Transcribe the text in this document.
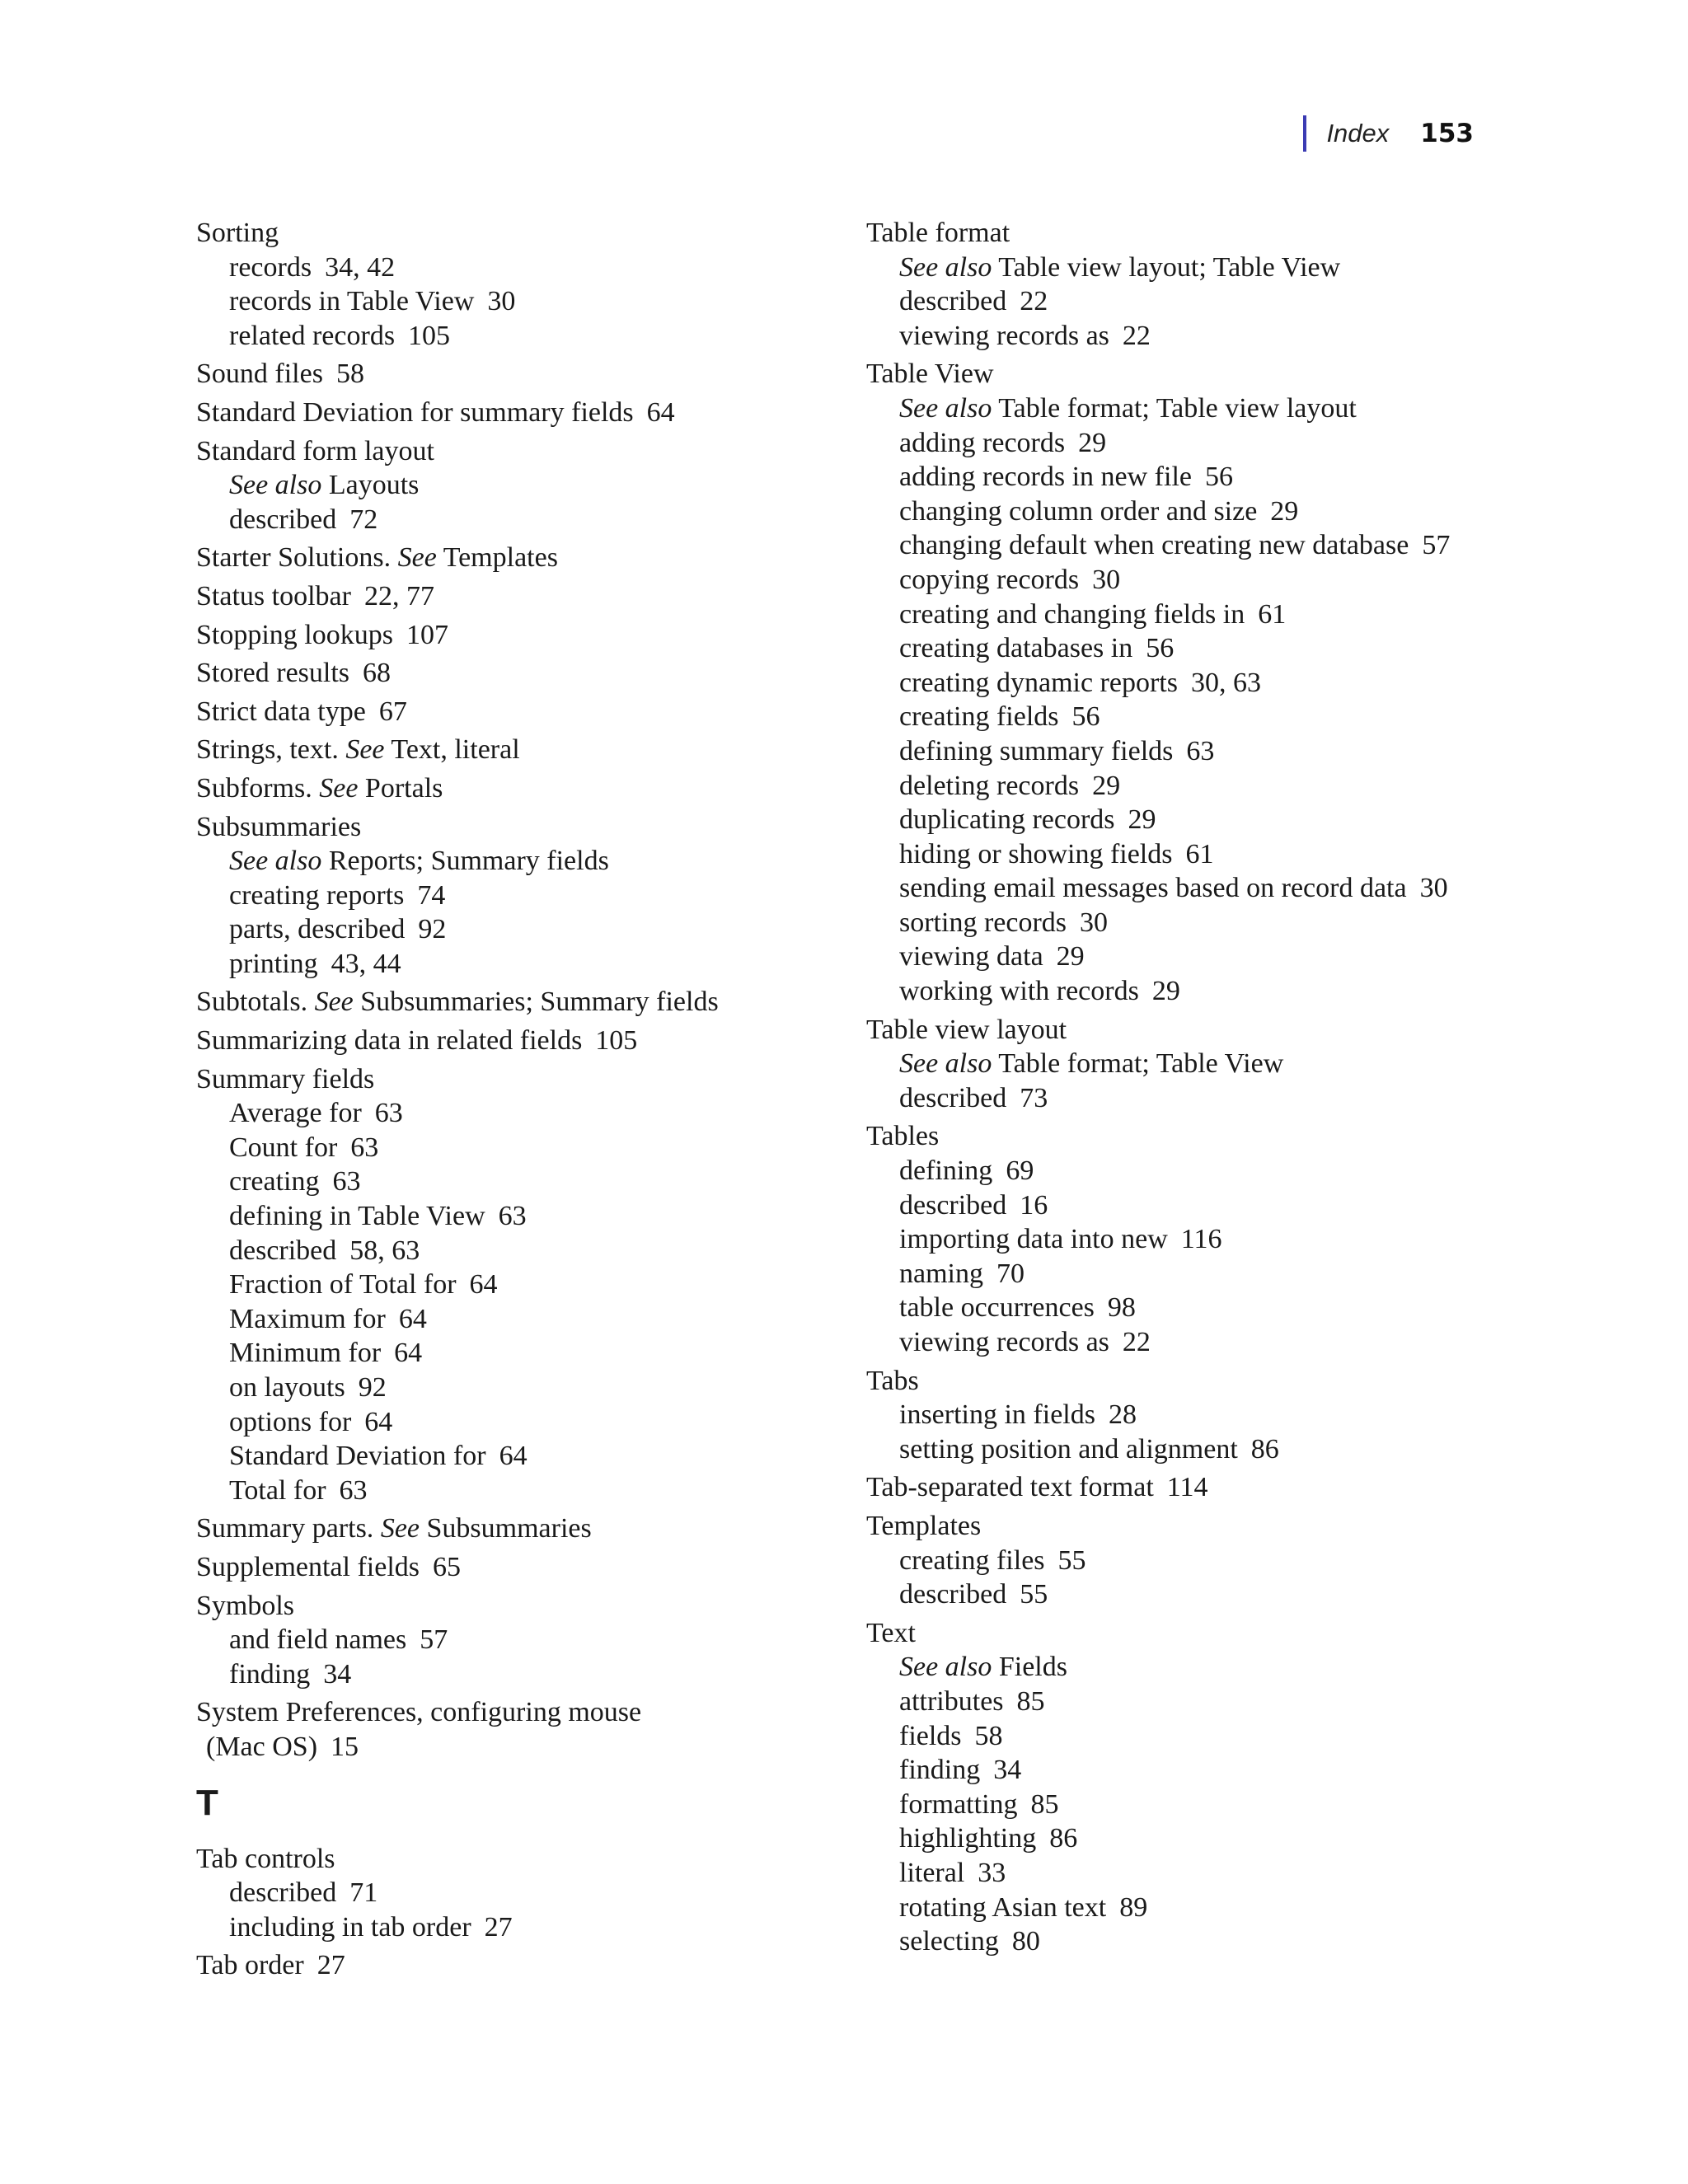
Index 153
Sorting
records 34, 42
records in Table View 30
related records 105
Sound files 58
Standard Deviation for summary fields 64
Standard form layout
See also Layouts
described 72
Starter Solutions. See Templates
Status toolbar 22, 77
Stopping lookups 107
Stored results 68
Strict data type 67
Strings, text. See Text, literal
Subforms. See Portals
Subsummaries
See also Reports; Summary fields
creating reports 74
parts, described 92
printing 43, 44
Subtotals. See Subsummaries; Summary fields
Summarizing data in related fields 105
Summary fields
Average for 63
Count for 63
creating 63
defining in Table View 63
described 58, 63
Fraction of Total for 64
Maximum for 64
Minimum for 64
on layouts 92
options for 64
Standard Deviation for 64
Total for 63
Summary parts. See Subsummaries
Supplemental fields 65
Symbols
and field names 57
finding 34
System Preferences, configuring mouse
(Mac OS) 15
T
Tab controls
described 71
including in tab order 27
Tab order 27
Table format
See also Table view layout; Table View
described 22
viewing records as 22
Table View
See also Table format; Table view layout
adding records 29
adding records in new file 56
changing column order and size 29
changing default when creating new database 57
copying records 30
creating and changing fields in 61
creating databases in 56
creating dynamic reports 30, 63
creating fields 56
defining summary fields 63
deleting records 29
duplicating records 29
hiding or showing fields 61
sending email messages based on record data 30
sorting records 30
viewing data 29
working with records 29
Table view layout
See also Table format; Table View
described 73
Tables
defining 69
described 16
importing data into new 116
naming 70
table occurrences 98
viewing records as 22
Tabs
inserting in fields 28
setting position and alignment 86
Tab-separated text format 114
Templates
creating files 55
described 55
Text
See also Fields
attributes 85
fields 58
finding 34
formatting 85
highlighting 86
literal 33
rotating Asian text 89
selecting 80
